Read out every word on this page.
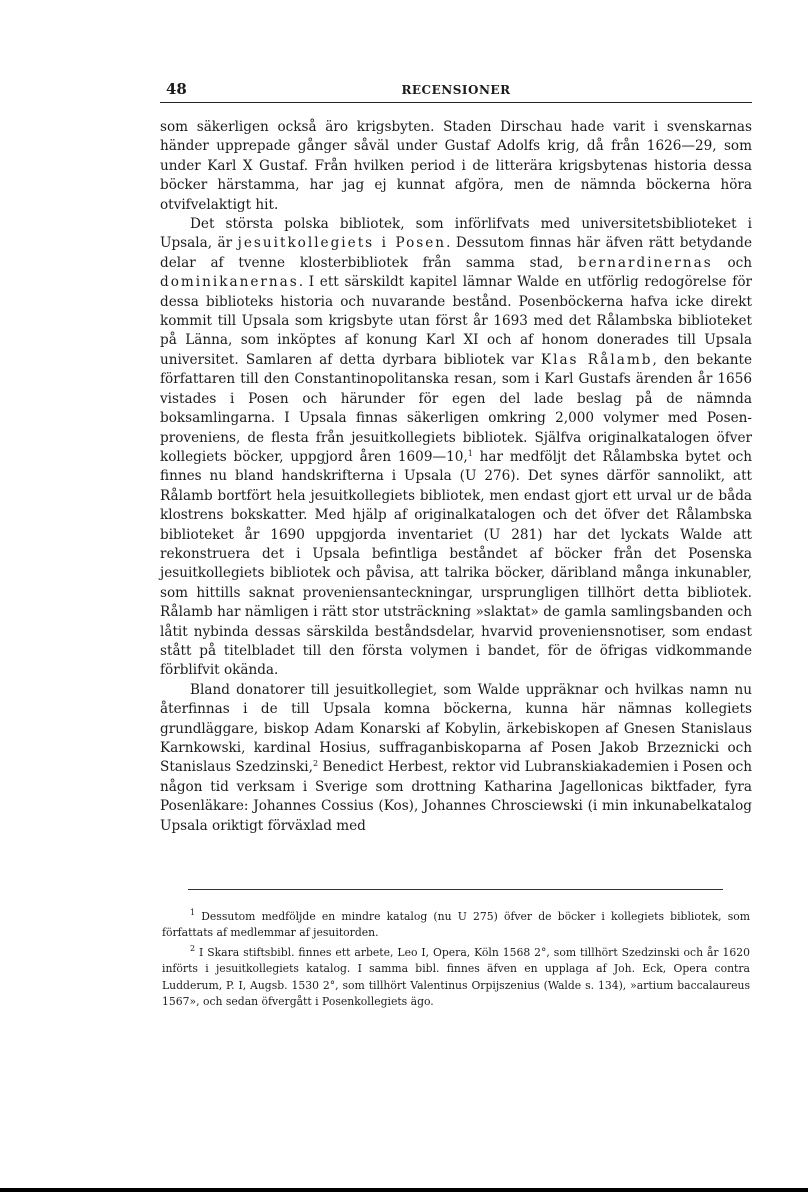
48	RECENSIONER

som säkerligen också äro krigsbyten. Staden Dirschau hade varit i svenskarnas händer upprepade gånger såväl under Gustaf Adolfs krig, då från 1626—29, som under Karl X Gustaf. Från hvilken period i de litterära krigsbytenas historia dessa böcker härstamma, har jag ej kunnat afgöra, men de nämnda böckerna höra otvifvelaktigt hit.

Det största polska bibliotek, som införlifvats med universitetsbiblioteket i Upsala, är jesuitkollegiets i Posen. Dessutom finnas här äfven rätt betydande delar af tvenne klosterbibliotek från samma stad, bernardinernas och dominikanernas. I ett särskildt kapitel lämnar Walde en utförlig redogörelse för dessa biblioteks historia och nuvarande bestånd. Posenböckerna hafva icke direkt kommit till Upsala som krigsbyte utan först år 1693 med det Rålambska biblioteket på Länna, som inköptes af konung Karl XI och af honom donerades till Upsala universitet. Samlaren af detta dyrbara bibliotek var Klas Rålamb, den bekante författaren till den Constantinopolitanska resan, som i Karl Gustafs ärenden år 1656 vistades i Posen och härunder för egen del lade beslag på de nämnda boksamlingarna. I Upsala finnas säkerligen omkring 2,000 volymer med Posen-proveniens, de flesta från jesuitkollegiets bibliotek. Själfva originalkatalogen öfver kollegiets böcker, uppgjord åren 1609—10,$^1$ har medföljt det Rålambska bytet och finnes nu bland handskrifterna i Upsala (U 276). Det synes därför sannolikt, att Rålamb bortfört hela jesuitkollegiets bibliotek, men endast gjort ett urval ur de båda klostrens bokskatter. Med hjälp af originalkatalogen och det öfver det Rålambska biblioteket år 1690 uppgjorda inventariet (U 281) har det lyckats Walde att rekonstruera det i Upsala befintliga beståndet af böcker från det Posenska jesuitkollegiets bibliotek och påvisa, att talrika böcker, däribland många inkunabler, som hittills saknat proveniensanteckningar, ursprungligen tillhört detta bibliotek. Rålamb har nämligen i rätt stor utsträckning »slaktat» de gamla samlingsbanden och låtit nybinda dessas särskilda beståndsdelar, hvarvid proveniensnotiser, som endast stått på titelbladet till den första volymen i bandet, för de öfrigas vidkommande förblifvit okända.

Bland donatorer till jesuitkollegiet, som Walde uppräknar och hvilkas namn nu återfinnas i de till Upsala komna böckerna, kunna här nämnas kollegiets grundläggare, biskop Adam Konarski af Kobylin, ärkebiskopen af Gnesen Stanislaus Karnkowski, kardinal Hosius, suffraganbiskoparna af Posen Jakob Brzeznicki och Stanislaus Szedzinski,$^2$ Benedict Herbest, rektor vid Lubranskiakademien i Posen och någon tid verksam i Sverige som drottning Katharina Jagellonicas biktfader, fyra Posenläkare: Johannes Cossius (Kos), Johannes Chrosciewski (i min inkunabelkatalog Upsala oriktigt förväxlad med

$^1$ Dessutom medföljde en mindre katalog (nu U 275) öfver de böcker i kollegiets bibliotek, som författats af medlemmar af jesuitorden.

$^2$ I Skara stiftsbibl. finnes ett arbete, Leo I, Opera, Köln 1568 2°, som tillhört Szedzinski och år 1620 införts i jesuitkollegiets katalog. I samma bibl. finnes äfven en upplaga af Joh. Eck, Opera contra Ludderum, P. I, Augsb. 1530 2°, som tillhört Valentinus Orpijszenius (Walde s. 134), »artium baccalaureus 1567», och sedan öfvergått i Posenkollegiets ägo.
